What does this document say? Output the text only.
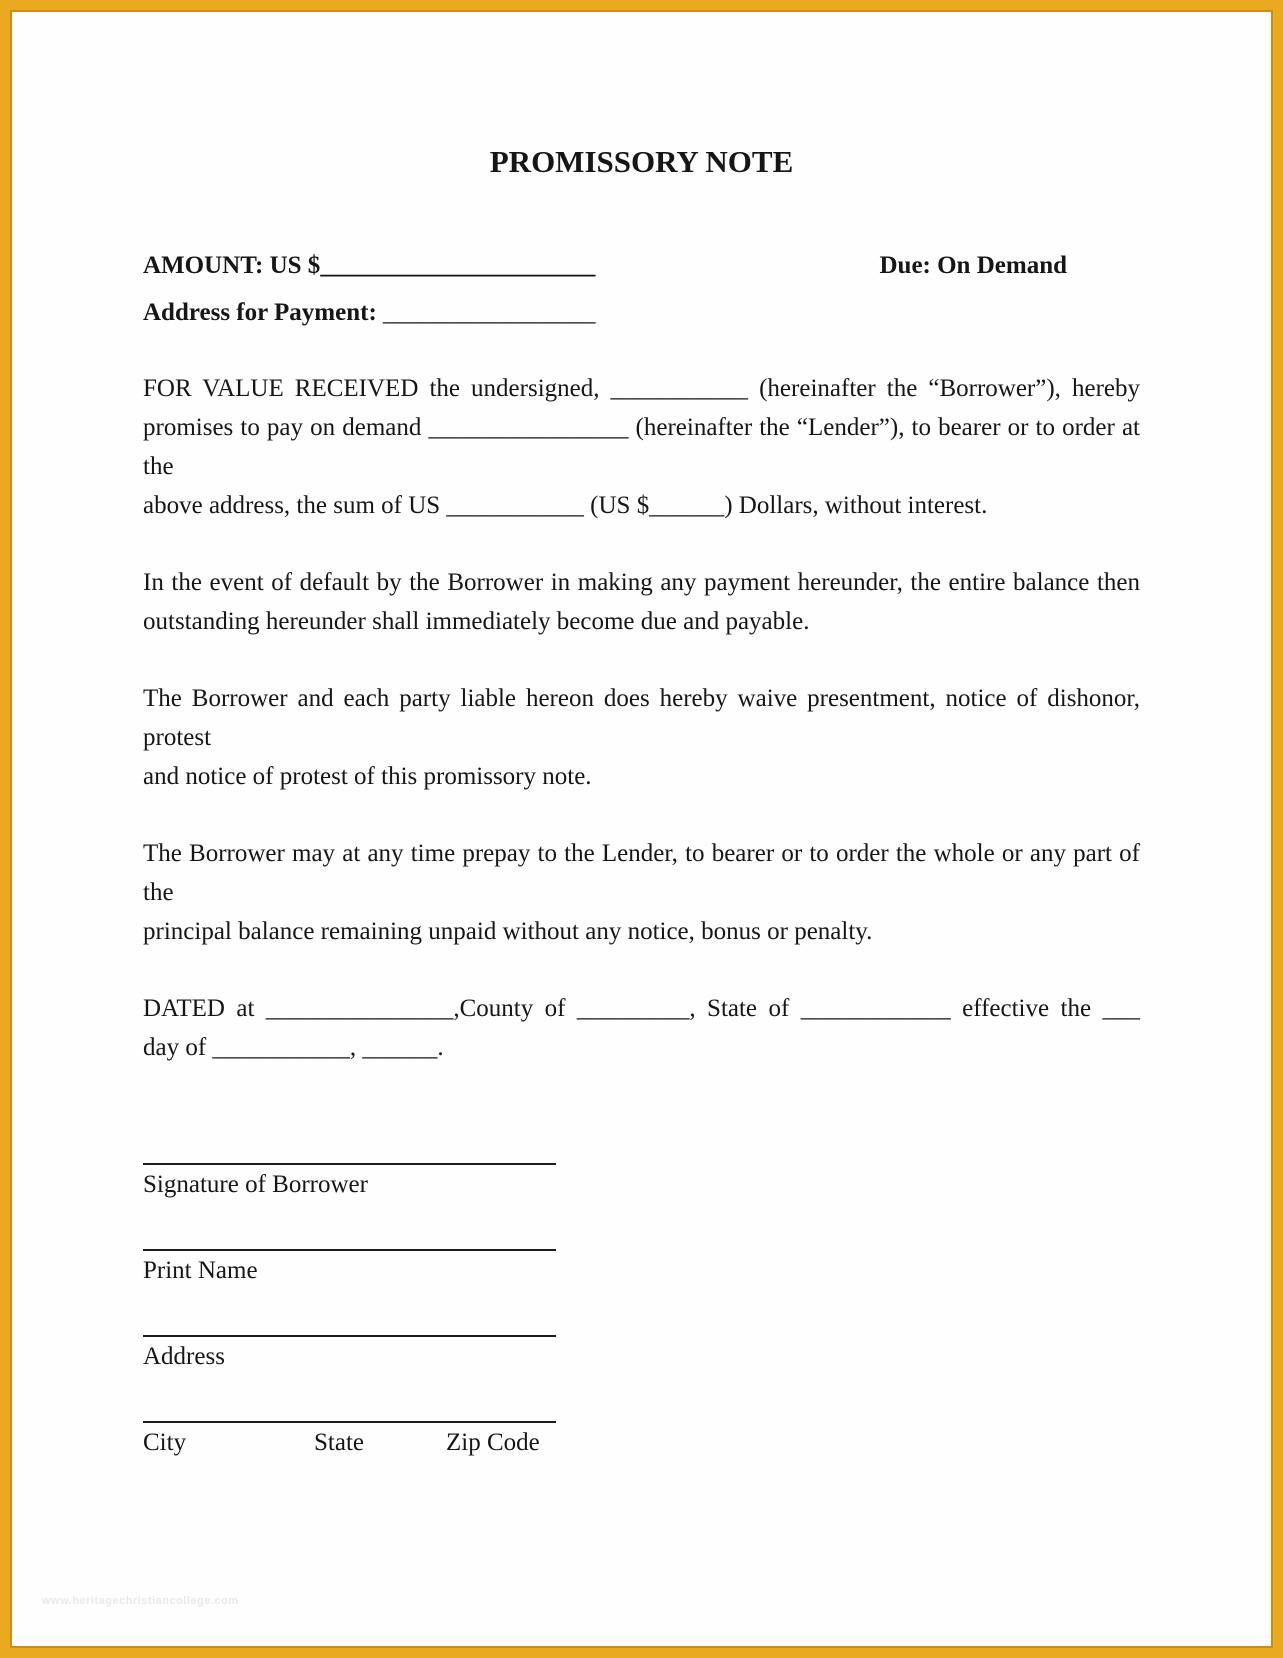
PROMISSORY NOTE
AMOUNT: US $______________________	Due: On Demand
Address for Payment: _________________
FOR VALUE RECEIVED the undersigned, ___________ (hereinafter the “Borrower”), hereby
promises to pay on demand ________________ (hereinafter the “Lender”), to bearer or to order at the
above address, the sum of US ___________ (US $______) Dollars, without interest.
In the event of default by the Borrower in making any payment hereunder, the entire balance then
outstanding hereunder shall immediately become due and payable.
The Borrower and each party liable hereon does hereby waive presentment, notice of dishonor, protest
and notice of protest of this promissory note.
The Borrower may at any time prepay to the Lender, to bearer or to order the whole or any part of the
principal balance remaining unpaid without any notice, bonus or penalty.
DATED at _______________,County of _________, State of ____________ effective the ___
day of ___________, ______.
Signature of Borrower
Print Name
Address
City	State	Zip Code
www.heritagechristiancollege.com
